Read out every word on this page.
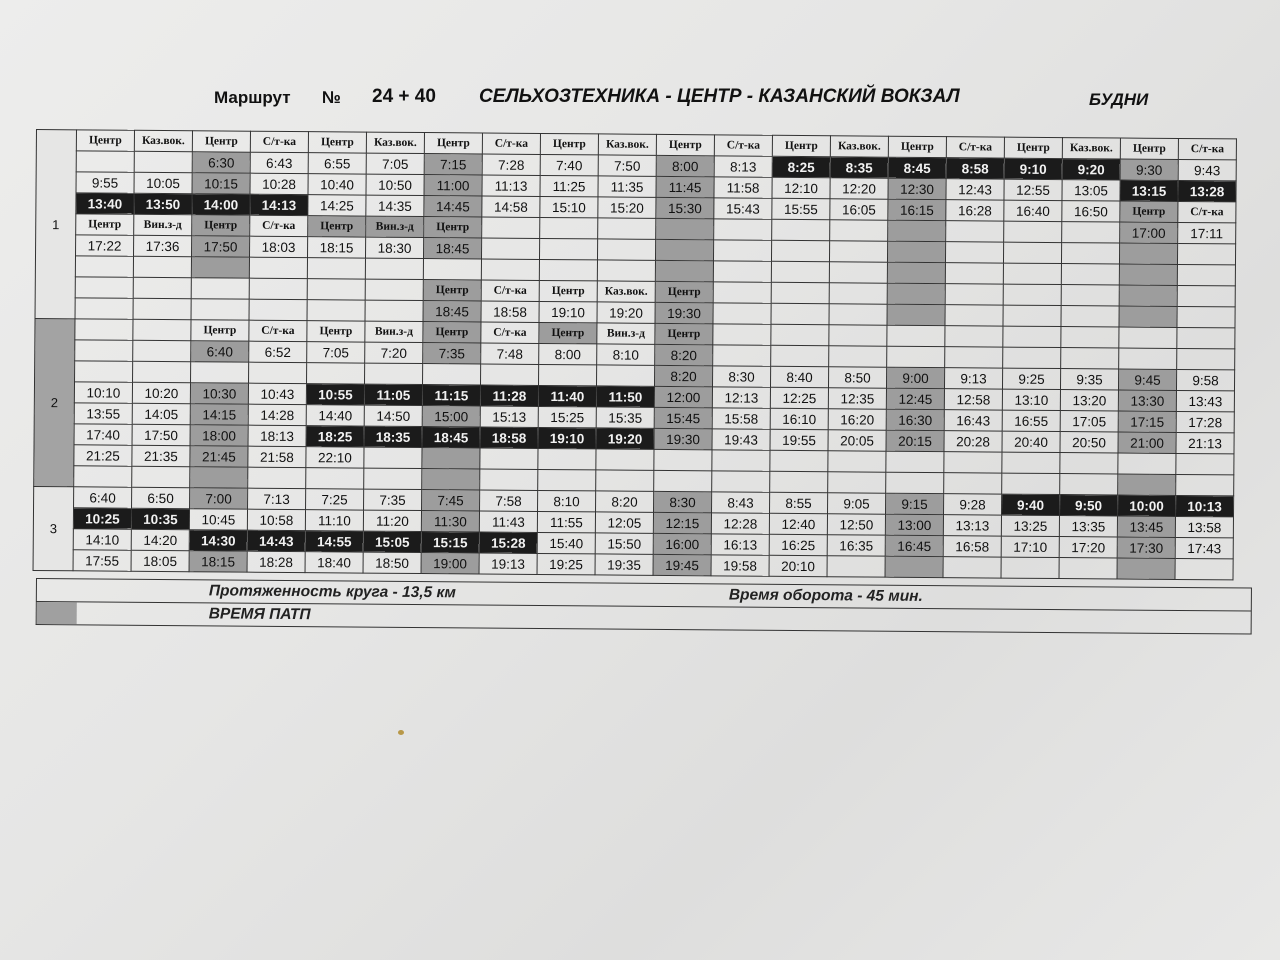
Маршрут № 24 + 40 СЕЛЬХОЗТЕХНИКА - ЦЕНТР - КАЗАНСКИЙ ВОКЗАЛ	БУДНИ
1	Центр	Каз.вок.	Центр	С/т-ка	Центр	Каз.вок.	Центр	С/т-ка	Центр	Каз.вок.	Центр	С/т-ка	Центр	Каз.вок.	Центр	С/т-ка	Центр	Каз.вок.	Центр	С/т-ка
			6:30	6:43	6:55	7:05	7:15	7:28	7:40	7:50	8:00	8:13	8:25	8:35	8:45	8:58	9:10	9:20	9:30	9:43
	9:55	10:05	10:15	10:28	10:40	10:50	11:00	11:13	11:25	11:35	11:45	11:58	12:10	12:20	12:30	12:43	12:55	13:05	13:15	13:28
	13:40	13:50	14:00	14:13	14:25	14:35	14:45	14:58	15:10	15:20	15:30	15:43	15:55	16:05	16:15	16:28	16:40	16:50	Центр	С/т-ка
	Центр	Вин.з-д	Центр	С/т-ка	Центр	Вин.з-д	Центр												17:00	17:11
	17:22	17:36	17:50	18:03	18:15	18:30	18:45													

							Центр	С/т-ка	Центр	Каз.вок.	Центр									
							18:45	18:58	19:10	19:20	19:30									
2			Центр	С/т-ка	Центр	Вин.з-д	Центр	С/т-ка	Центр	Вин.з-д	Центр									
			6:40	6:52	7:05	7:20	7:35	7:48	8:00	8:10	8:20									
											8:20	8:30	8:40	8:50	9:00	9:13	9:25	9:35	9:45	9:58
	10:10	10:20	10:30	10:43	10:55	11:05	11:15	11:28	11:40	11:50	12:00	12:13	12:25	12:35	12:45	12:58	13:10	13:20	13:30	13:43
	13:55	14:05	14:15	14:28	14:40	14:50	15:00	15:13	15:25	15:35	15:45	15:58	16:10	16:20	16:30	16:43	16:55	17:05	17:15	17:28
	17:40	17:50	18:00	18:13	18:25	18:35	18:45	18:58	19:10	19:20	19:30	19:43	19:55	20:05	20:15	20:28	20:40	20:50	21:00	21:13
	21:25	21:35	21:45	21:58	22:10															

3	6:40	6:50	7:00	7:13	7:25	7:35	7:45	7:58	8:10	8:20	8:30	8:43	8:55	9:05	9:15	9:28	9:40	9:50	10:00	10:13
	10:25	10:35	10:45	10:58	11:10	11:20	11:30	11:43	11:55	12:05	12:15	12:28	12:40	12:50	13:00	13:13	13:25	13:35	13:45	13:58
	14:10	14:20	14:30	14:43	14:55	15:05	15:15	15:28	15:40	15:50	16:00	16:13	16:25	16:35	16:45	16:58	17:10	17:20	17:30	17:43
	17:55	18:05	18:15	18:28	18:40	18:50	19:00	19:13	19:25	19:35	19:45	19:58	20:10							
Протяженность круга - 13,5 км	Время оборота - 45 мин.
ВРЕМЯ ПАТП
